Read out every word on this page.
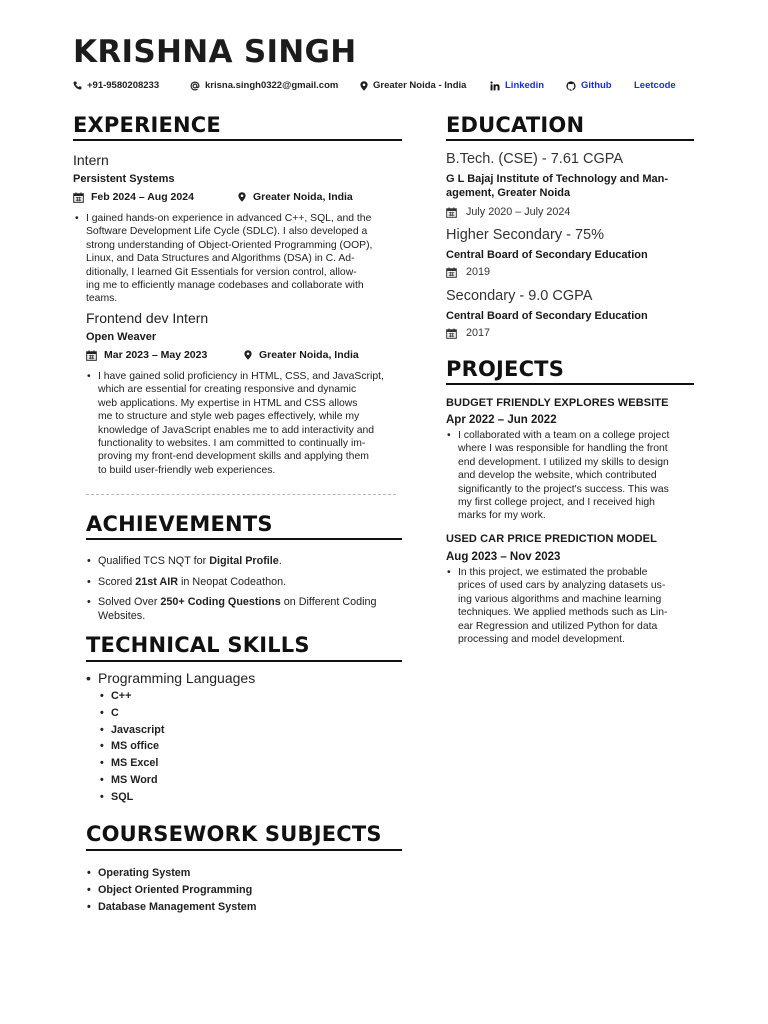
KRISHNA SINGH
+91-9580208233	krisna.singh0322@gmail.com	Greater Noida - India	Linkedin	Github Leetcode
EXPERIENCE
Intern
Persistent Systems
Feb 2024 – Aug 2024	Greater Noida, India
• I gained hands-on experience in advanced C++, SQL, and the
Software Development Life Cycle (SDLC). I also developed a
strong understanding of Object-Oriented Programming (OOP),
Linux, and Data Structures and Algorithms (DSA) in C. Ad-
ditionally, I learned Git Essentials for version control, allow-
ing me to efficiently manage codebases and collaborate with
teams.
Frontend dev Intern
Open Weaver
Mar 2023 – May 2023	Greater Noida, India
• I have gained solid proficiency in HTML, CSS, and JavaScript,
which are essential for creating responsive and dynamic
web applications. My expertise in HTML and CSS allows
me to structure and style web pages effectively, while my
knowledge of JavaScript enables me to add interactivity and
functionality to websites. I am committed to continually im-
proving my front-end development skills and applying them
to build user-friendly web experiences.
ACHIEVEMENTS
• Qualified TCS NQT for Digital Profile.
• Scored 21st AIR in Neopat Codeathon.
• Solved Over 250+ Coding Questions on Different Coding
Websites.
TECHNICAL SKILLS
• Programming Languages
• C++
• C
• Javascript
• MS office
• MS Excel
• MS Word
• SQL
COURSEWORK SUBJECTS
• Operating System
• Object Oriented Programming
• Database Management System
EDUCATION
B.Tech. (CSE) - 7.61 CGPA
G L Bajaj Institute of Technology and Man-
agement, Greater Noida
July 2020 – July 2024
Higher Secondary - 75%
Central Board of Secondary Education
2019
Secondary - 9.0 CGPA
Central Board of Secondary Education
2017
PROJECTS
BUDGET FRIENDLY EXPLORES WEBSITE
Apr 2022 – Jun 2022
• I collaborated with a team on a college project
where I was responsible for handling the front
end development. I utilized my skills to design
and develop the website, which contributed
significantly to the project's success. This was
my first college project, and I received high
marks for my work.
USED CAR PRICE PREDICTION MODEL
Aug 2023 – Nov 2023
• In this project, we estimated the probable
prices of used cars by analyzing datasets us-
ing various algorithms and machine learning
techniques. We applied methods such as Lin-
ear Regression and utilized Python for data
processing and model development.
